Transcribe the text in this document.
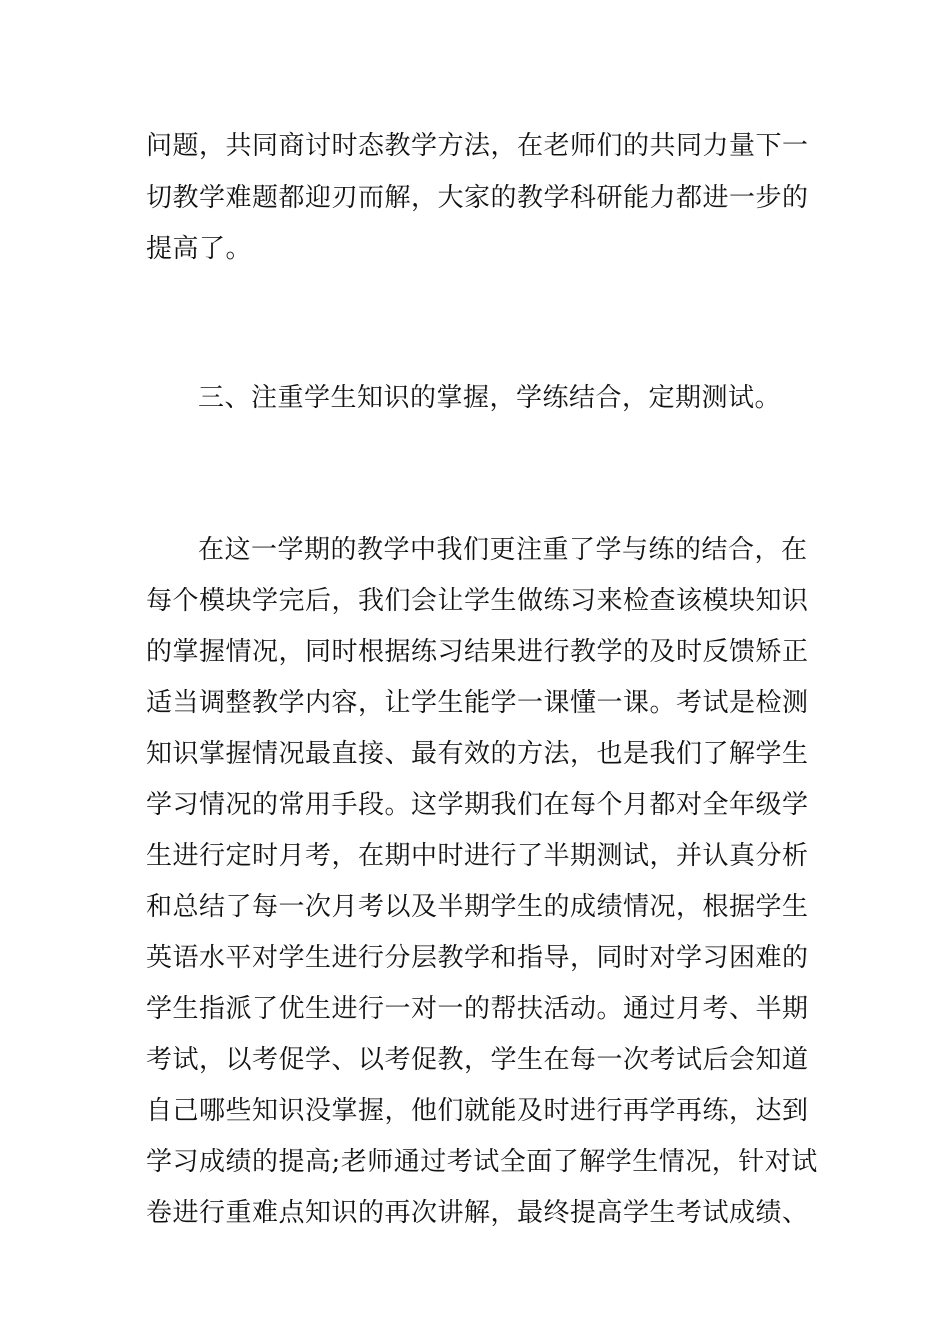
问题，共同商讨时态教学方法，在老师们的共同力量下一
切教学难题都迎刃而解，大家的教学科研能力都进一步的
提高了。
三、注重学生知识的掌握，学练结合，定期测试。
在这一学期的教学中我们更注重了学与练的结合，在
每个模块学完后，我们会让学生做练习来检查该模块知识
的掌握情况，同时根据练习结果进行教学的及时反馈矫正
适当调整教学内容，让学生能学一课懂一课。考试是检测
知识掌握情况最直接、最有效的方法，也是我们了解学生
学习情况的常用手段。这学期我们在每个月都对全年级学
生进行定时月考，在期中时进行了半期测试，并认真分析
和总结了每一次月考以及半期学生的成绩情况，根据学生
英语水平对学生进行分层教学和指导，同时对学习困难的
学生指派了优生进行一对一的帮扶活动。通过月考、半期
考试，以考促学、以考促教，学生在每一次考试后会知道
自己哪些知识没掌握，他们就能及时进行再学再练，达到
学习成绩的提高;老师通过考试全面了解学生情况，针对试
卷进行重难点知识的再次讲解，最终提高学生考试成绩、
